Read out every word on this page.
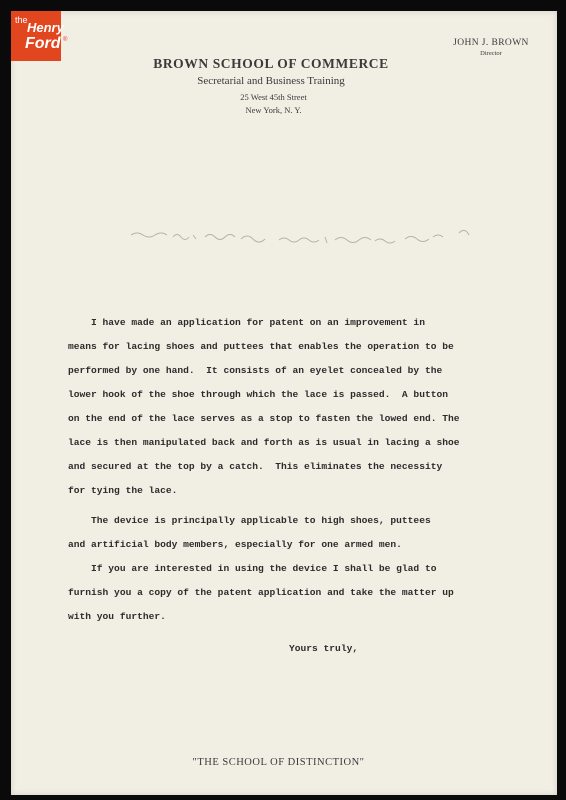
the Henry
Ford ®
BROWN SCHOOL OF COMMERCE
Secretarial and Business Training
25 West 45th Street
New York, N. Y.
JOHN J. BROWN
Director
I have made an application for patent on an improvement in
means for lacing shoes and puttees that enables the operation to be
performed by one hand.  It consists of an eyelet concealed by the
lower hook of the shoe through which the lace is passed.  A button
on the end of the lace serves as a stop to fasten the lowed end. The
lace is then manipulated back and forth as is usual in lacing a shoe
and secured at the top by a catch.  This eliminates the necessity
for tying the lace.
The device is principally applicable to high shoes, puttees
and artificial body members, especially for one armed men.
If you are interested in using the device I shall be glad to
furnish you a copy of the patent application and take the matter up
with you further.
Yours truly,
"THE SCHOOL OF DISTINCTION"
